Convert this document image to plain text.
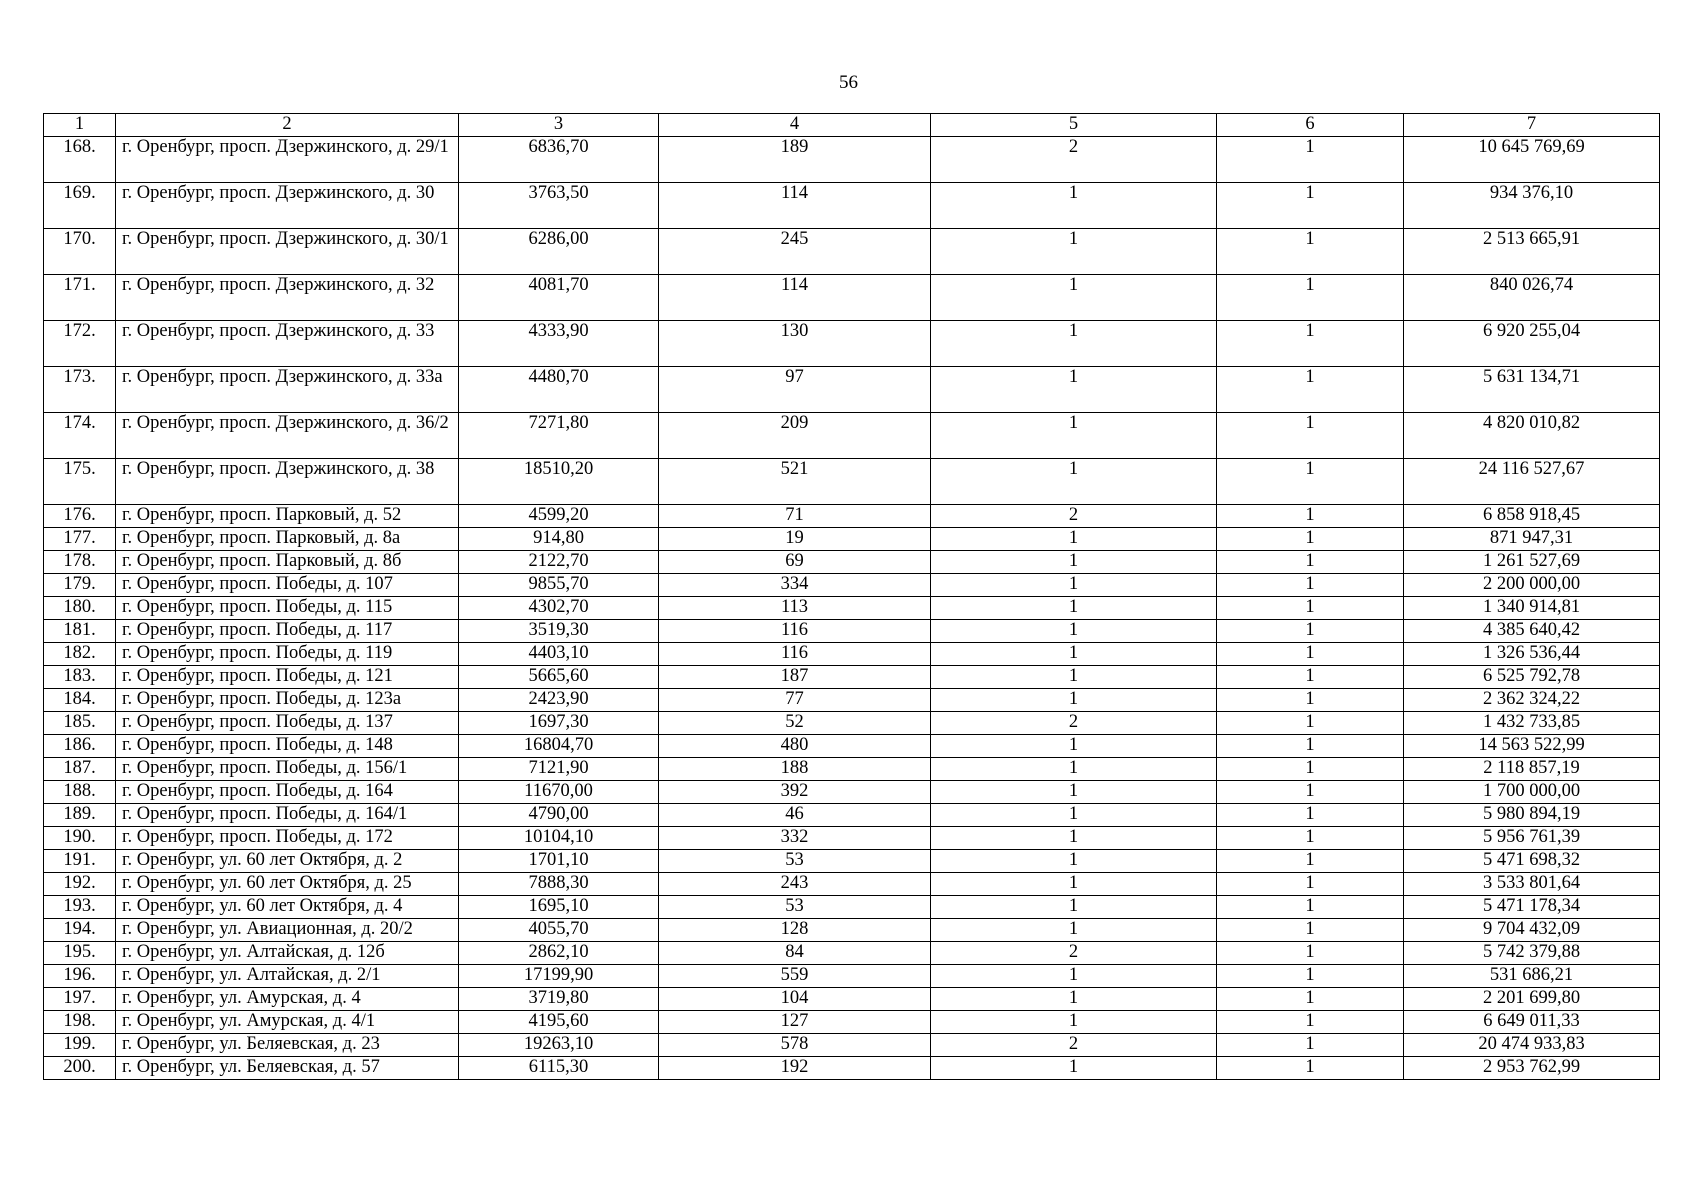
56
1	2	3	4	5	6	7
168.	г. Оренбург, просп. Дзержинского, д. 29/1	6836,70	189	2	1	10 645 769,69
169.	г. Оренбург, просп. Дзержинского, д. 30	3763,50	114	1	1	934 376,10
170.	г. Оренбург, просп. Дзержинского, д. 30/1	6286,00	245	1	1	2 513 665,91
171.	г. Оренбург, просп. Дзержинского, д. 32	4081,70	114	1	1	840 026,74
172.	г. Оренбург, просп. Дзержинского, д. 33	4333,90	130	1	1	6 920 255,04
173.	г. Оренбург, просп. Дзержинского, д. 33а	4480,70	97	1	1	5 631 134,71
174.	г. Оренбург, просп. Дзержинского, д. 36/2	7271,80	209	1	1	4 820 010,82
175.	г. Оренбург, просп. Дзержинского, д. 38	18510,20	521	1	1	24 116 527,67
176.	г. Оренбург, просп. Парковый, д. 52	4599,20	71	2	1	6 858 918,45
177.	г. Оренбург, просп. Парковый, д. 8а	914,80	19	1	1	871 947,31
178.	г. Оренбург, просп. Парковый, д. 8б	2122,70	69	1	1	1 261 527,69
179.	г. Оренбург, просп. Победы, д. 107	9855,70	334	1	1	2 200 000,00
180.	г. Оренбург, просп. Победы, д. 115	4302,70	113	1	1	1 340 914,81
181.	г. Оренбург, просп. Победы, д. 117	3519,30	116	1	1	4 385 640,42
182.	г. Оренбург, просп. Победы, д. 119	4403,10	116	1	1	1 326 536,44
183.	г. Оренбург, просп. Победы, д. 121	5665,60	187	1	1	6 525 792,78
184.	г. Оренбург, просп. Победы, д. 123а	2423,90	77	1	1	2 362 324,22
185.	г. Оренбург, просп. Победы, д. 137	1697,30	52	2	1	1 432 733,85
186.	г. Оренбург, просп. Победы, д. 148	16804,70	480	1	1	14 563 522,99
187.	г. Оренбург, просп. Победы, д. 156/1	7121,90	188	1	1	2 118 857,19
188.	г. Оренбург, просп. Победы, д. 164	11670,00	392	1	1	1 700 000,00
189.	г. Оренбург, просп. Победы, д. 164/1	4790,00	46	1	1	5 980 894,19
190.	г. Оренбург, просп. Победы, д. 172	10104,10	332	1	1	5 956 761,39
191.	г. Оренбург, ул. 60 лет Октября, д. 2	1701,10	53	1	1	5 471 698,32
192.	г. Оренбург, ул. 60 лет Октября, д. 25	7888,30	243	1	1	3 533 801,64
193.	г. Оренбург, ул. 60 лет Октября, д. 4	1695,10	53	1	1	5 471 178,34
194.	г. Оренбург, ул. Авиационная, д. 20/2	4055,70	128	1	1	9 704 432,09
195.	г. Оренбург, ул. Алтайская, д. 12б	2862,10	84	2	1	5 742 379,88
196.	г. Оренбург, ул. Алтайская, д. 2/1	17199,90	559	1	1	531 686,21
197.	г. Оренбург, ул. Амурская, д. 4	3719,80	104	1	1	2 201 699,80
198.	г. Оренбург, ул. Амурская, д. 4/1	4195,60	127	1	1	6 649 011,33
199.	г. Оренбург, ул. Беляевская, д. 23	19263,10	578	2	1	20 474 933,83
200.	г. Оренбург, ул. Беляевская, д. 57	6115,30	192	1	1	2 953 762,99
